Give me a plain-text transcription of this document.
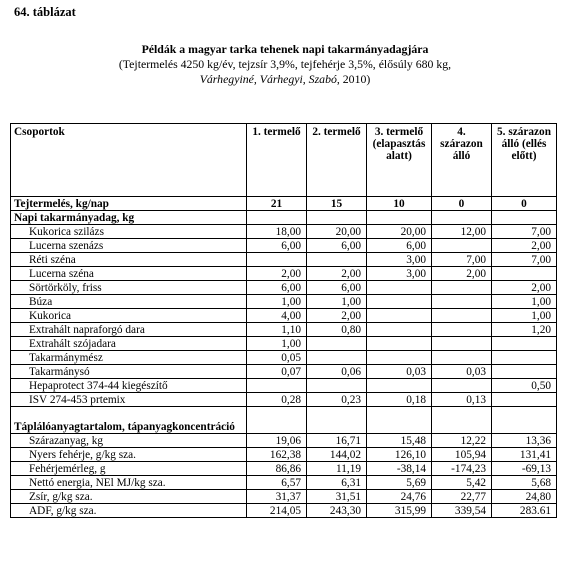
64. táblázat
Példák a magyar tarka tehenek napi takarmányadagjára
(Tejtermelés 4250 kg/év, tejzsír 3,9%, tejfehérje 3,5%, élősúly 680 kg,
Várhegyiné, Várhegyi, Szabó, 2010)
Csoportok	1. termelő	2. termelő	3. termelő (elapasztás alatt)	4. szárazon álló	5. szárazon álló (ellés előtt)
Tejtermelés, kg/nap	21	15	10	0	0
Napi takarmányadag, kg					
Kukorica szilázs	18,00	20,00	20,00	12,00	7,00
Lucerna szenázs	6,00	6,00	6,00		2,00
Réti széna			3,00	7,00	7,00
Lucerna széna	2,00	2,00	3,00	2,00	
Sörtörköly, friss	6,00	6,00			2,00
Búza	1,00	1,00			1,00
Kukorica	4,00	2,00			1,00
Extrahált napraforgó dara	1,10	0,80			1,20
Extrahált szójadara	1,00				
Takarmánymész	0,05				
Takarmánysó	0,07	0,06	0,03	0,03	
Hepaprotect 374-44 kiegészítő					0,50
ISV 274-453 prtemix	0,28	0,23	0,18	0,13	
Táplálóanyagtartalom, tápanyagkoncentráció					
Szárazanyag, kg	19,06	16,71	15,48	12,22	13,36
Nyers fehérje, g/kg sza.	162,38	144,02	126,10	105,94	131,41
Fehérjemérleg, g	86,86	11,19	-38,14	-174,23	-69,13
Nettó energia, NEl MJ/kg sza.	6,57	6,31	5,69	5,42	5,68
Zsír, g/kg sza.	31,37	31,51	24,76	22,77	24,80
ADF, g/kg sza.	214,05	243,30	315,99	339,54	283.61
